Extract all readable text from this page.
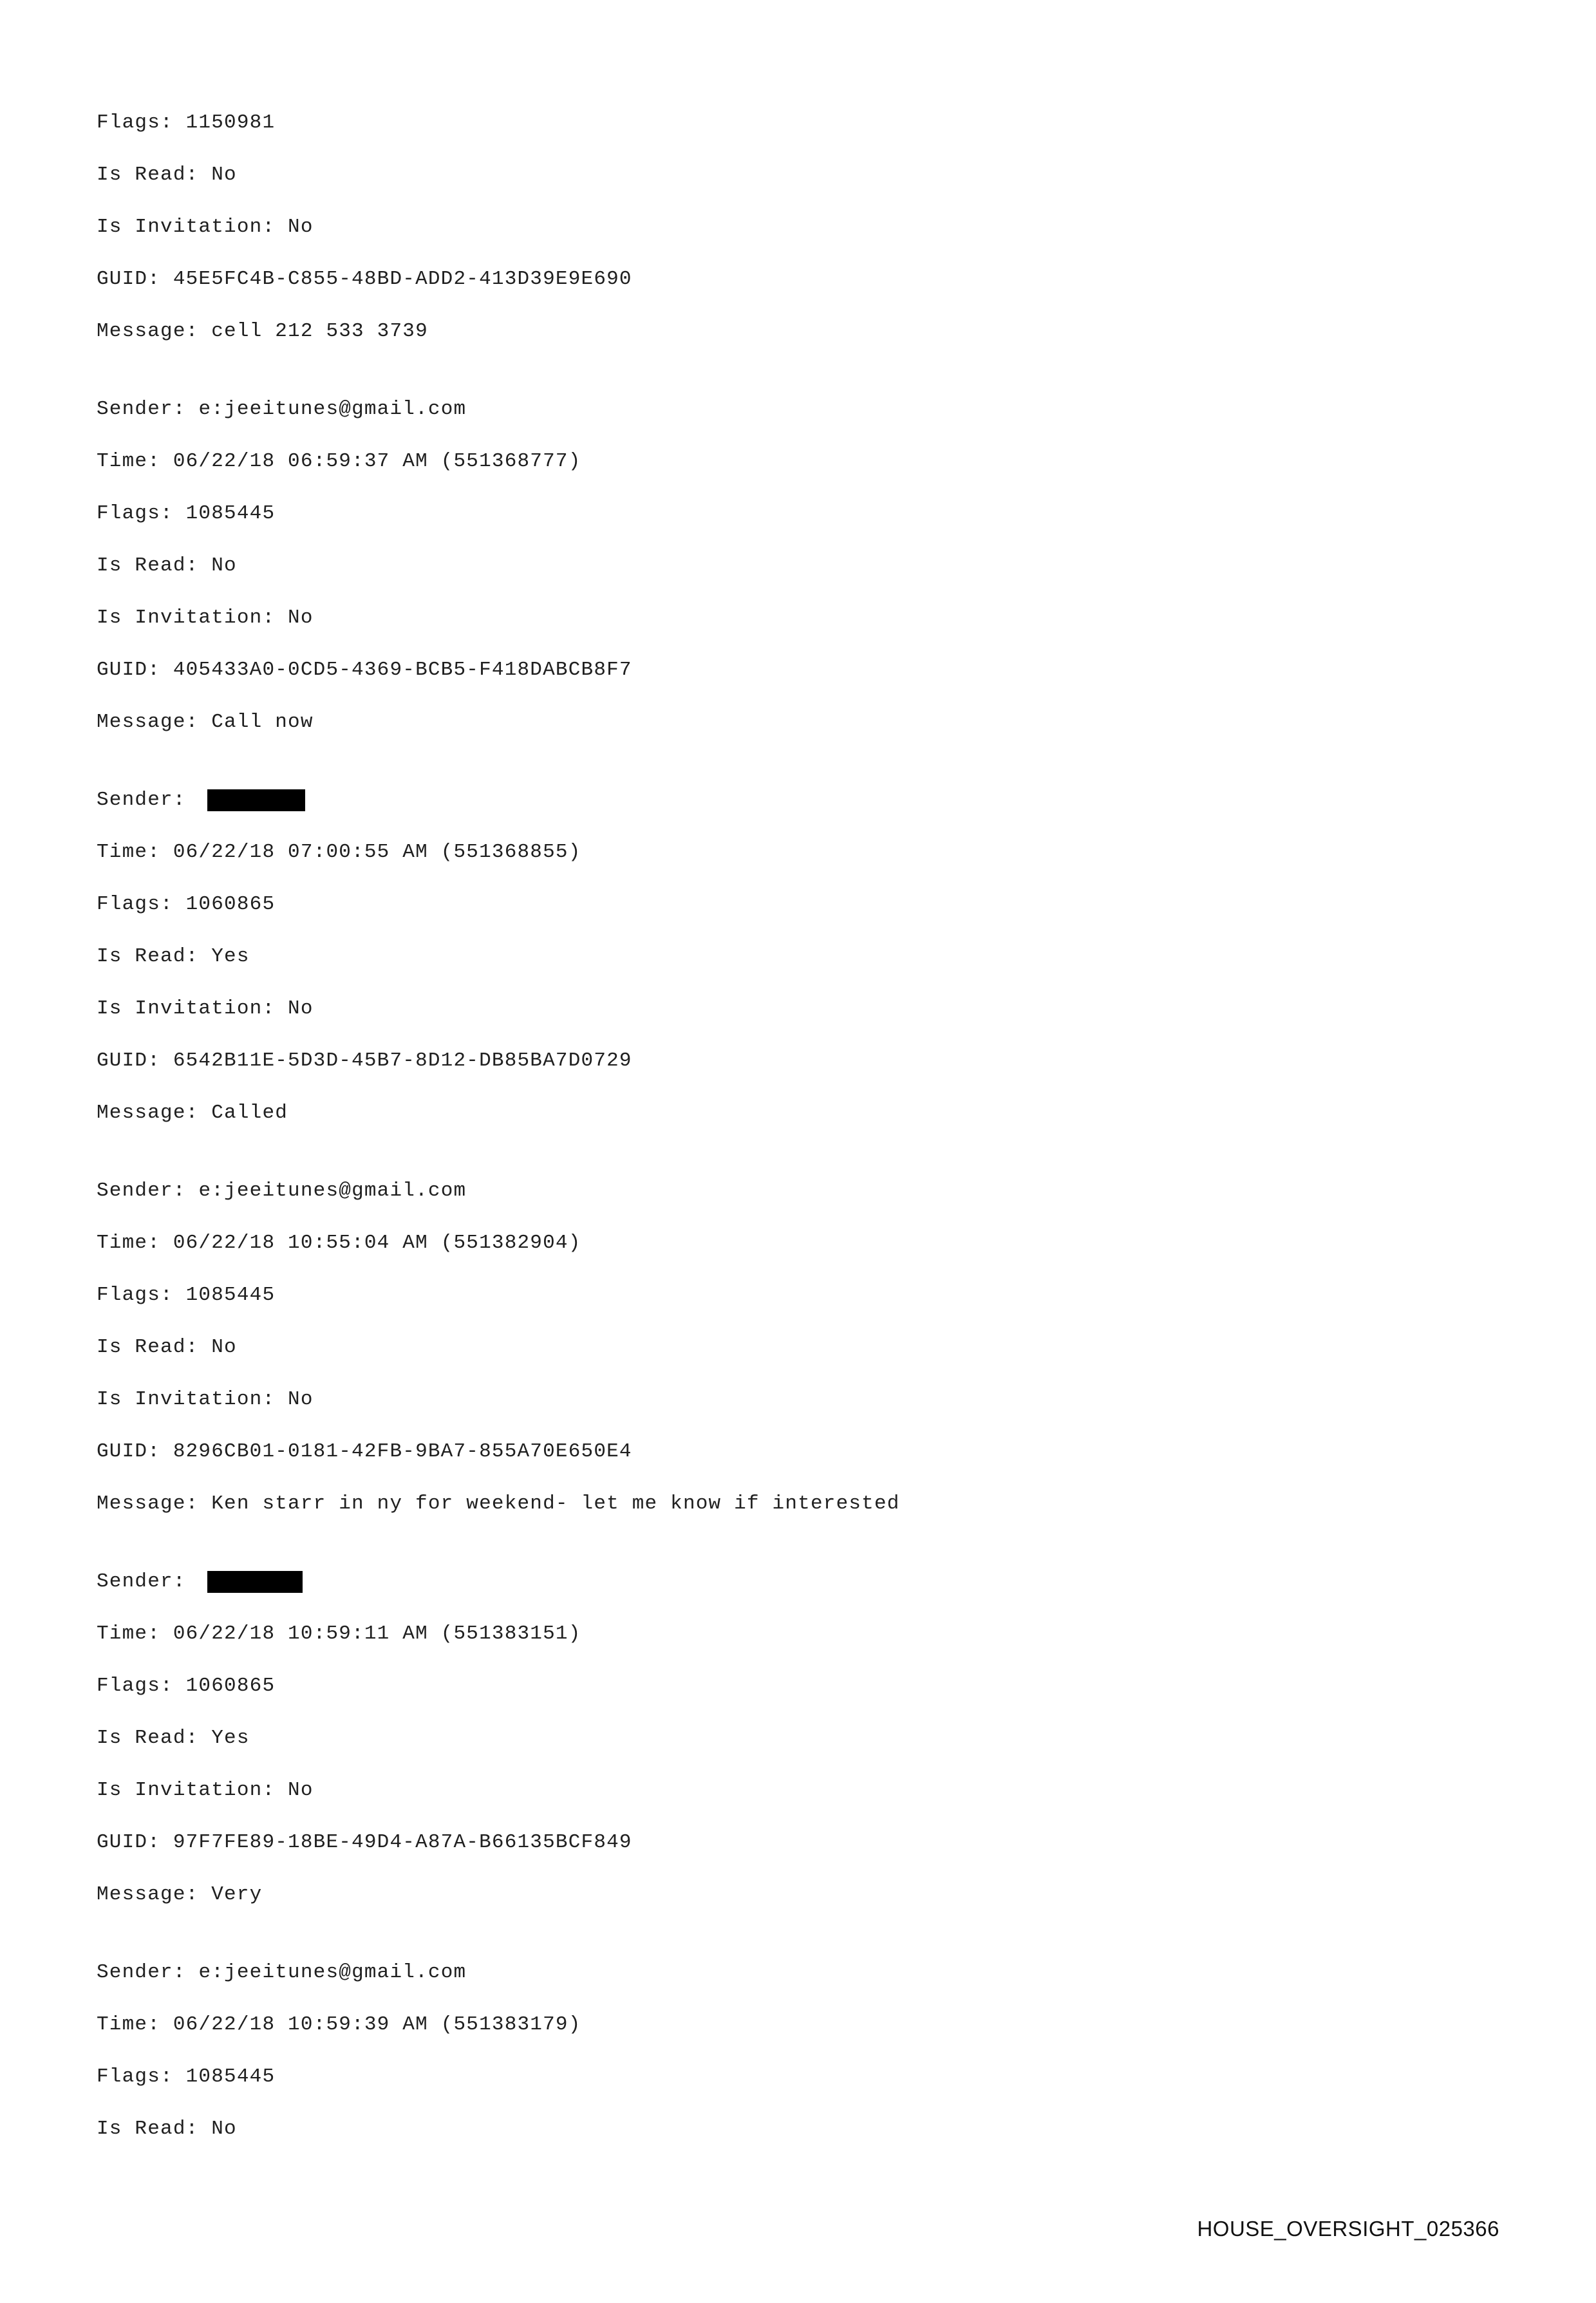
Flags: 1150981
Is Read: No
Is Invitation: No
GUID: 45E5FC4B-C855-48BD-ADD2-413D39E9E690
Message: cell 212 533 3739
Sender: e:jeeitunes@gmail.com
Time: 06/22/18 06:59:37 AM (551368777)
Flags: 1085445
Is Read: No
Is Invitation: No
GUID: 405433A0-0CD5-4369-BCB5-F418DABCB8F7
Message: Call now
Sender:
Time: 06/22/18 07:00:55 AM (551368855)
Flags: 1060865
Is Read: Yes
Is Invitation: No
GUID: 6542B11E-5D3D-45B7-8D12-DB85BA7D0729
Message: Called
Sender: e:jeeitunes@gmail.com
Time: 06/22/18 10:55:04 AM (551382904)
Flags: 1085445
Is Read: No
Is Invitation: No
GUID: 8296CB01-0181-42FB-9BA7-855A70E650E4
Message: Ken starr in ny for weekend- let me know if interested
Sender:
Time: 06/22/18 10:59:11 AM (551383151)
Flags: 1060865
Is Read: Yes
Is Invitation: No
GUID: 97F7FE89-18BE-49D4-A87A-B66135BCF849
Message: Very
Sender: e:jeeitunes@gmail.com
Time: 06/22/18 10:59:39 AM (551383179)
Flags: 1085445
Is Read: No
HOUSE_OVERSIGHT_025366
